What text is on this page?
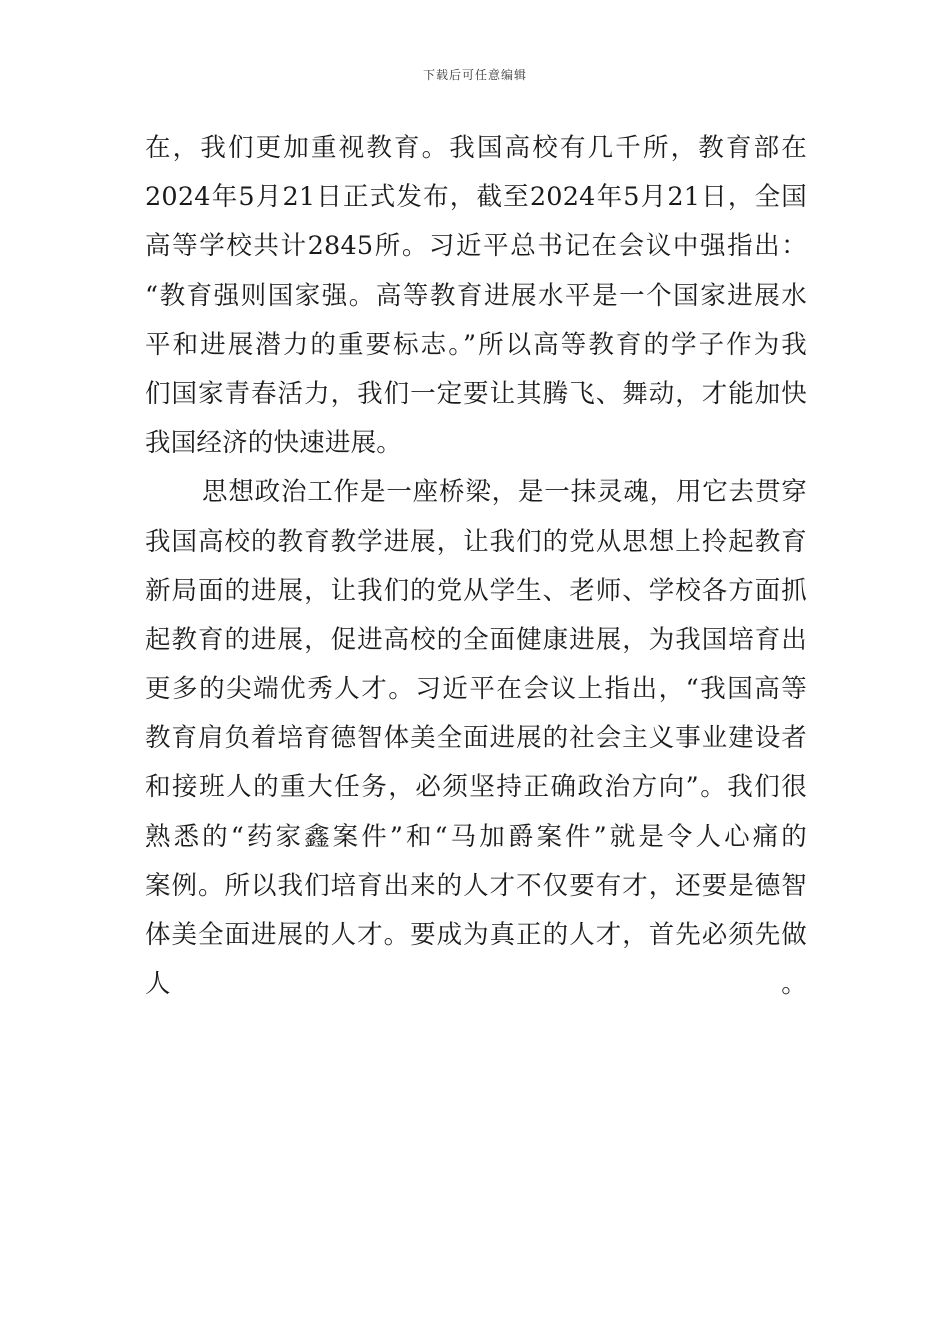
下载后可任意编辑
在，我们更加重视教育。我国高校有几千所，教育部在
2024年5月21日正式发布，截至2024年5月21日，全国
高等学校共计2845所。习近平总书记在会议中强指出：
“教育强则国家强。高等教育进展水平是一个国家进展水
平和进展潜力的重要标志。”所以高等教育的学子作为我
们国家青春活力，我们一定要让其腾飞、舞动，才能加快
我国经济的快速进展。
思想政治工作是一座桥梁，是一抹灵魂，用它去贯穿
我国高校的教育教学进展，让我们的党从思想上拎起教育
新局面的进展，让我们的党从学生、老师、学校各方面抓
起教育的进展，促进高校的全面健康进展，为我国培育出
更多的尖端优秀人才。习近平在会议上指出，“我国高等
教育肩负着培育德智体美全面进展的社会主义事业建设者
和接班人的重大任务，必须坚持正确政治方向”。我们很
熟悉的“药家鑫案件”和“马加爵案件”就是令人心痛的
案例。所以我们培育出来的人才不仅要有才，还要是德智
体美全面进展的人才。要成为真正的人才，首先必须先做
人。
